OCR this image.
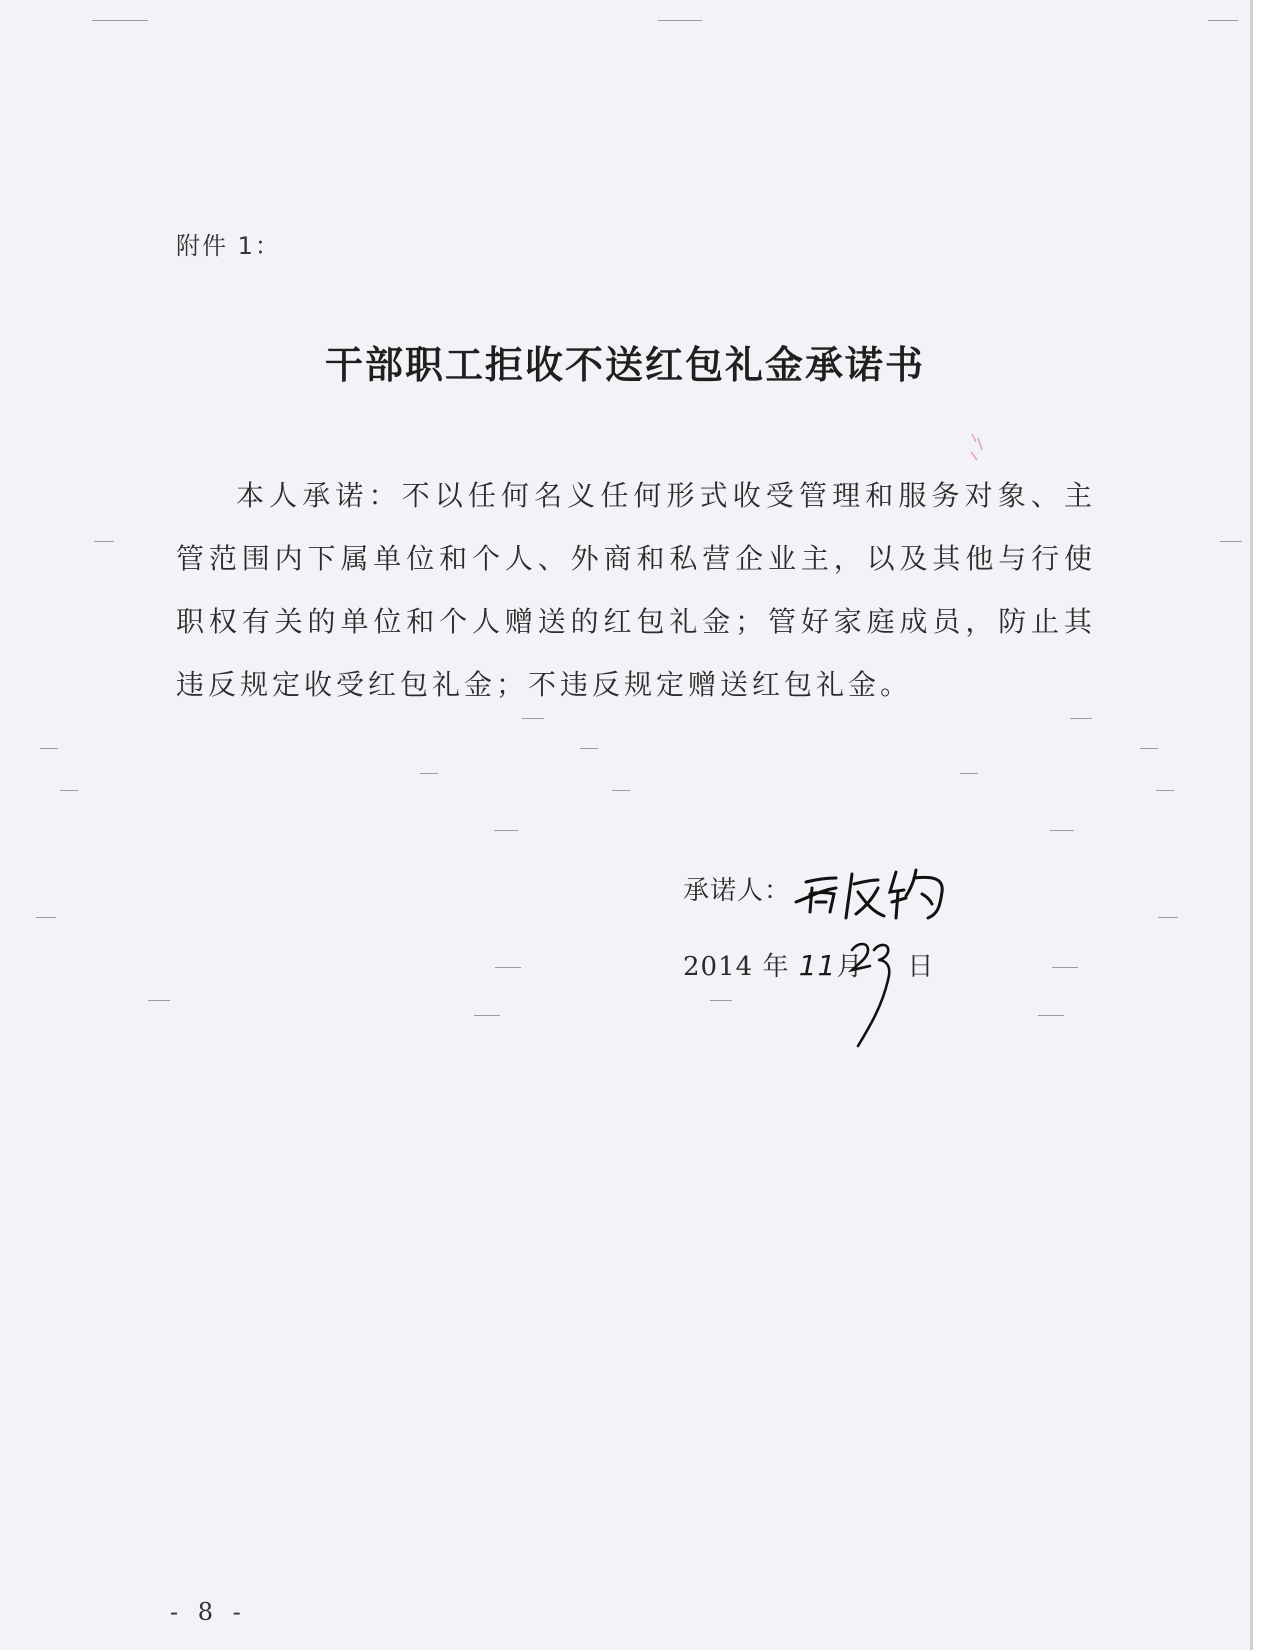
附件 1：

干部职工拒收不送红包礼金承诺书

本人承诺：不以任何名义任何形式收受管理和服务对象、主管范围内下属单位和个人、外商和私营企业主，以及其他与行使职权有关的单位和个人赠送的红包礼金；管好家庭成员，防止其违反规定收受红包礼金；不违反规定赠送红包礼金。

承诺人：
2014 年 11月 日
- 8 -
